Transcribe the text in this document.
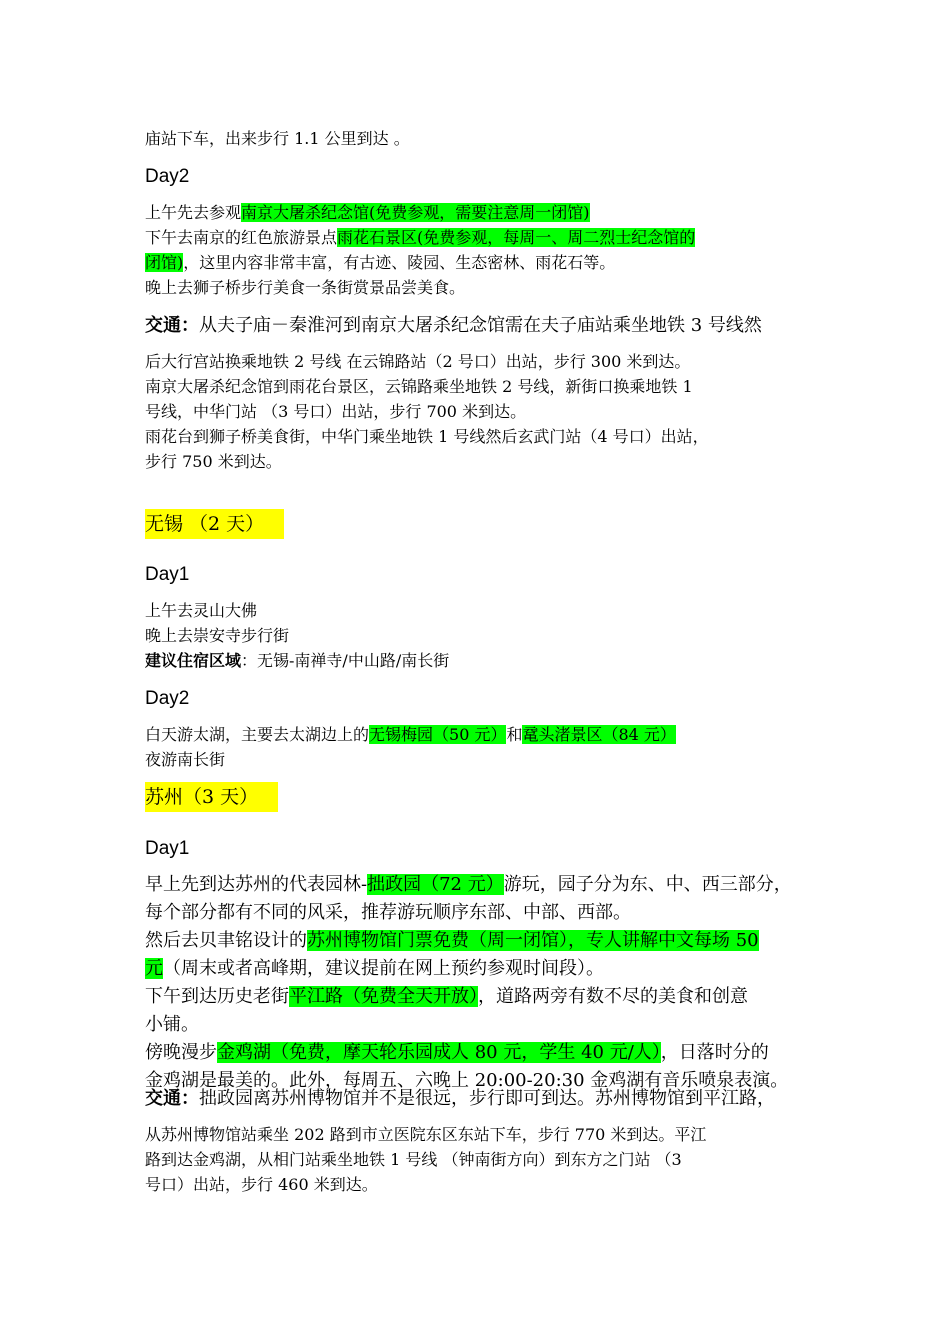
庙站下车，出来步行 1.1 公里到达 。
Day2
上午先去参观南京大屠杀纪念馆(免费参观，需要注意周一闭馆)
下午去南京的红色旅游景点雨花石景区(免费参观，每周一、周二烈士纪念馆的
闭馆)，这里内容非常丰富，有古迹、陵园、生态密林、雨花石等。
晚上去狮子桥步行美食一条街赏景品尝美食。
交通：从夫子庙－秦淮河到南京大屠杀纪念馆需在夫子庙站乘坐地铁 3 号线然
后大行宫站换乘地铁 2 号线 在云锦路站（2 号口）出站，步行 300 米到达。
南京大屠杀纪念馆到雨花台景区，云锦路乘坐地铁 2 号线，新街口换乘地铁 1
号线，中华门站 （3 号口）出站，步行 700 米到达。
雨花台到狮子桥美食街，中华门乘坐地铁 1 号线然后玄武门站（4 号口）出站，
步行 750 米到达。
无锡 （2 天）
Day1
上午去灵山大佛
晚上去崇安寺步行街
建议住宿区域：无锡-南禅寺/中山路/南长街
Day2
白天游太湖，主要去太湖边上的无锡梅园（50 元）和鼋头渚景区（84 元）
夜游南长街
苏州（3 天）
Day1
早上先到达苏州的代表园林-拙政园（72 元）游玩，园子分为东、中、西三部分，
每个部分都有不同的风采，推荐游玩顺序东部、中部、西部。
然后去贝聿铭设计的苏州博物馆门票免费（周一闭馆），专人讲解中文每场 50
元（周末或者高峰期，建议提前在网上预约参观时间段）。
下午到达历史老街平江路（免费全天开放），道路两旁有数不尽的美食和创意
小铺。
傍晚漫步金鸡湖（免费，摩天轮乐园成人 80 元，学生 40 元/人），日落时分的
金鸡湖是最美的。此外，每周五、六晚上 20:00-20:30 金鸡湖有音乐喷泉表演。
交通：拙政园离苏州博物馆并不是很远，步行即可到达。苏州博物馆到平江路，
从苏州博物馆站乘坐 202 路到市立医院东区东站下车，步行 770 米到达。平江
路到达金鸡湖，从相门站乘坐地铁 1 号线 （钟南街方向）到东方之门站 （3
号口）出站，步行 460 米到达。
